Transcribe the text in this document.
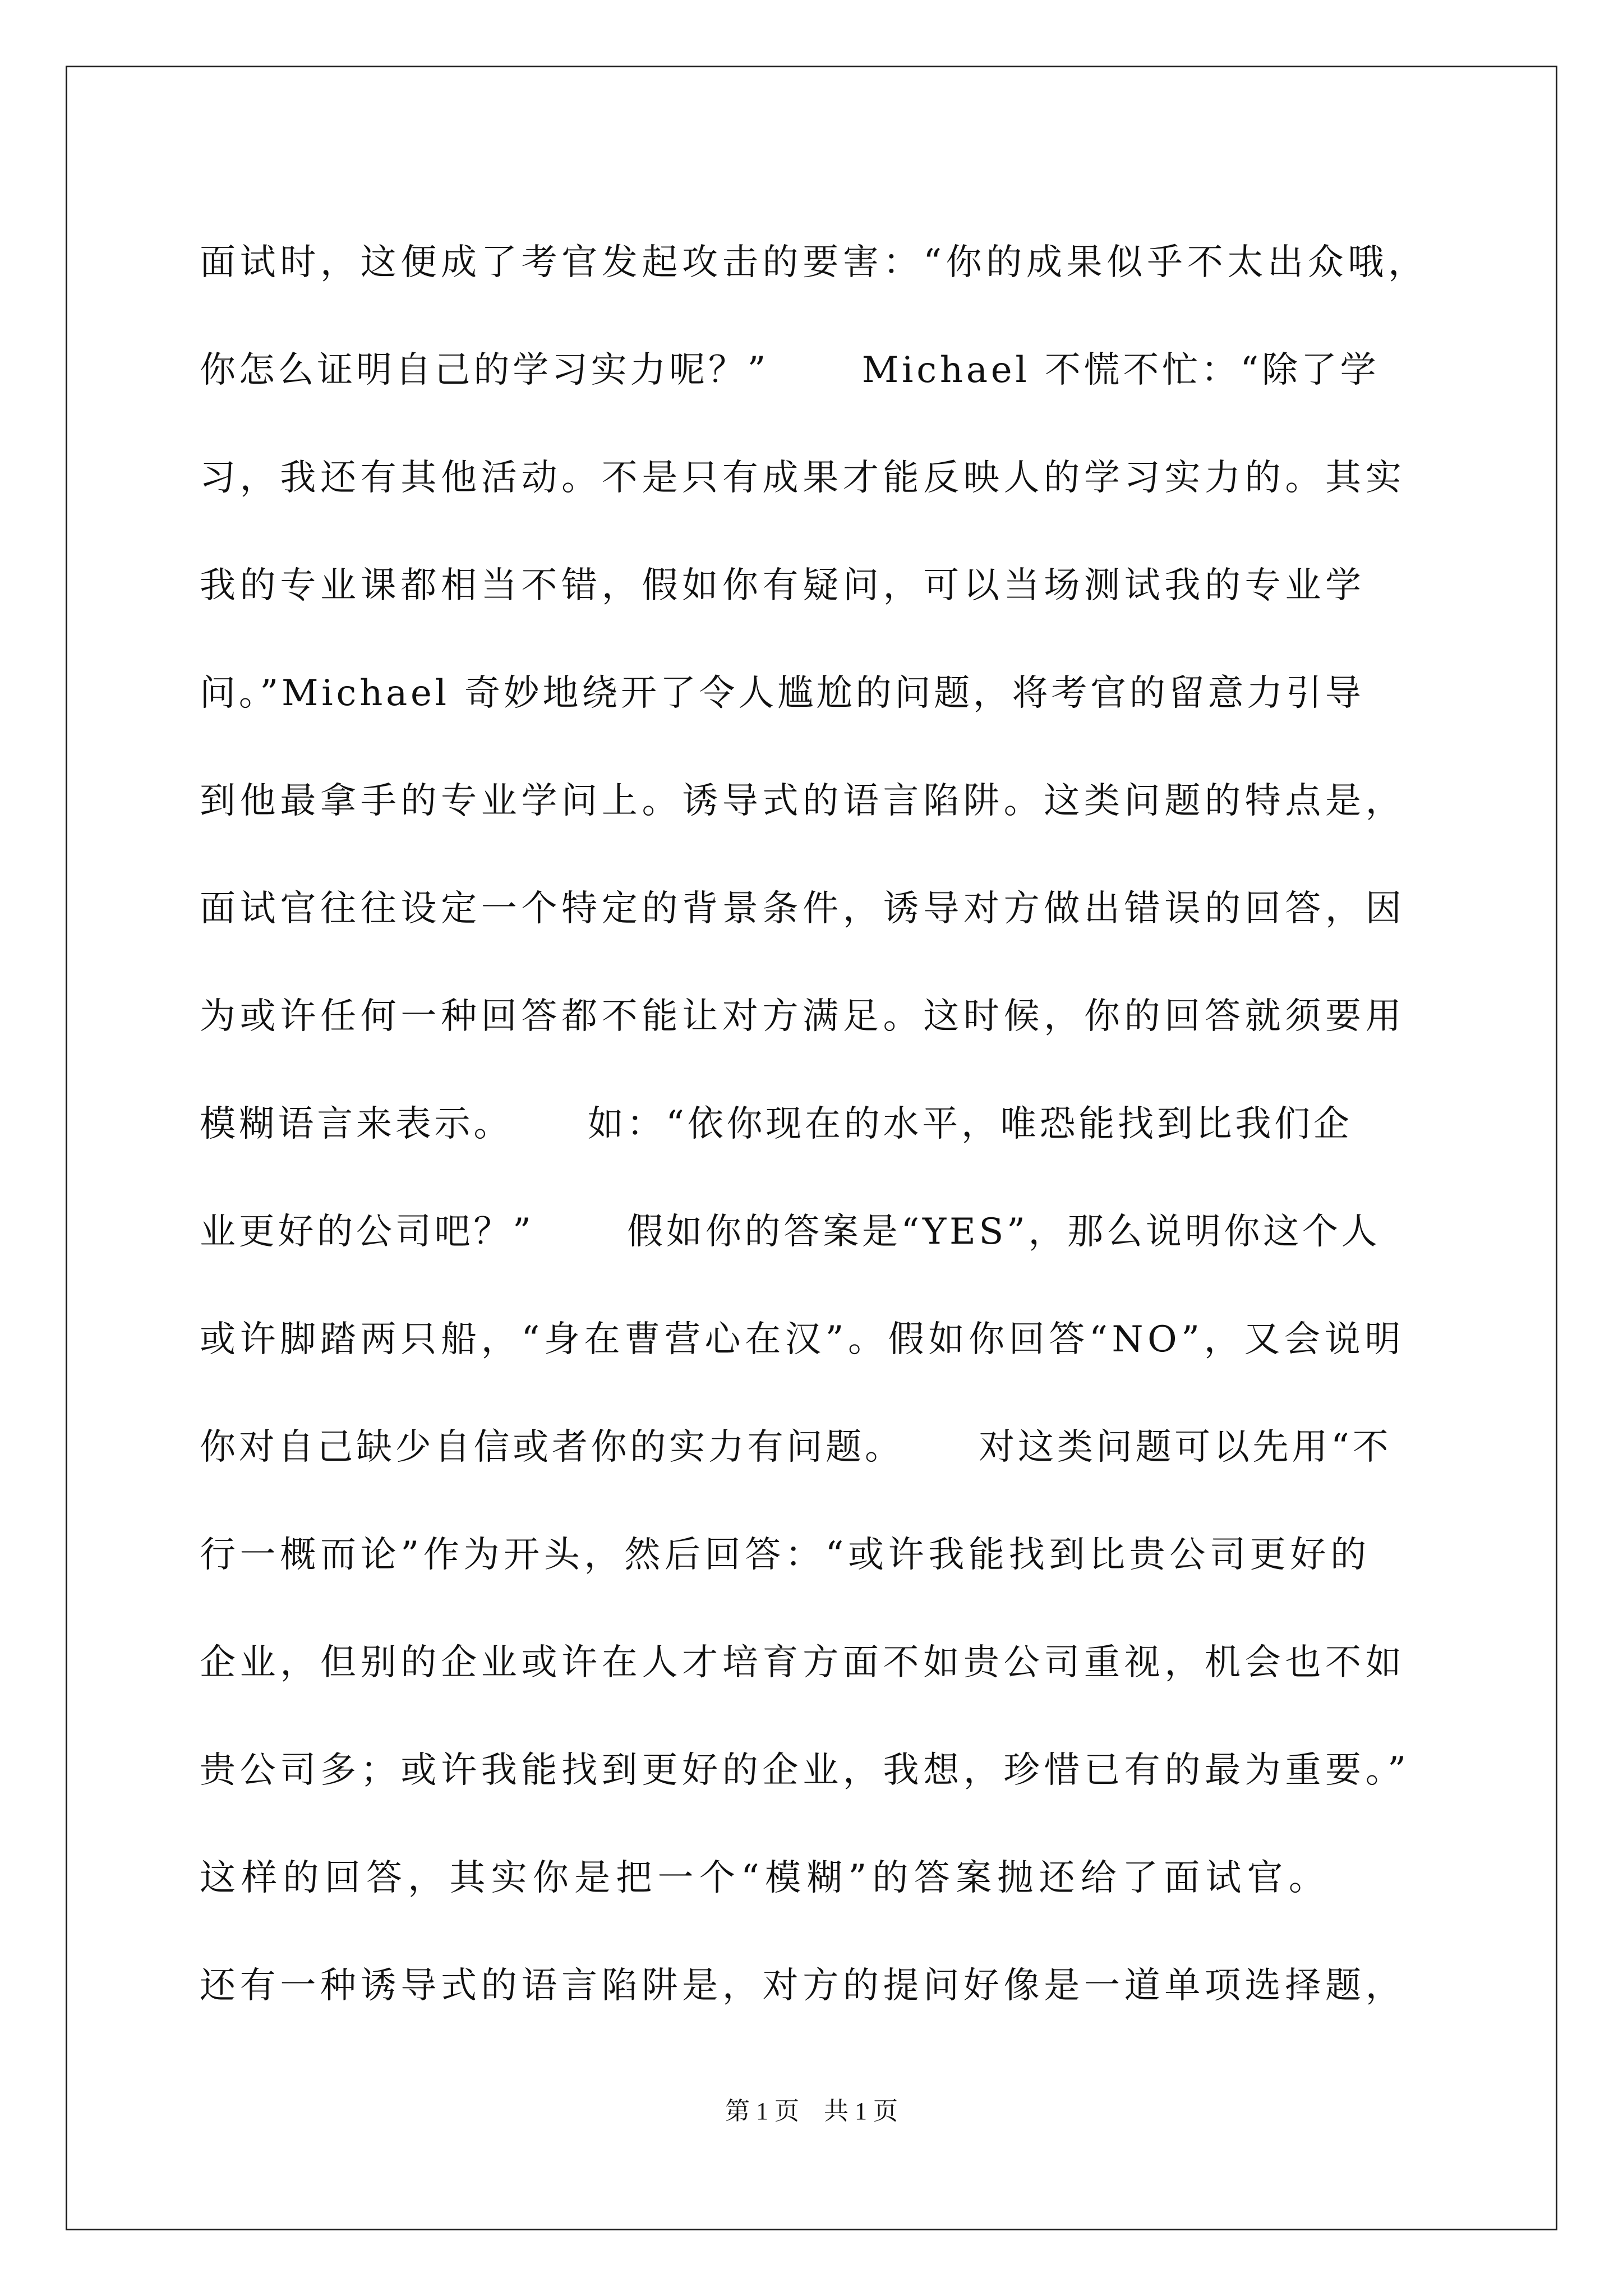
面试时，这便成了考官发起攻击的要害：“你的成果似乎不太出众哦，
你怎么证明自己的学习实力呢？”　　 Michael 不慌不忙：“除了学
习，我还有其他活动。不是只有成果才能反映人的学习实力的。其实
我的专业课都相当不错，假如你有疑问，可以当场测试我的专业学
问。”Michael 奇妙地绕开了令人尴尬的问题，将考官的留意力引导
到他最拿手的专业学问上。诱导式的语言陷阱。这类问题的特点是，
面试官往往设定一个特定的背景条件，诱导对方做出错误的回答，因
为或许任何一种回答都不能让对方满足。这时候，你的回答就须要用
模糊语言来表示。　　 如：“依你现在的水平，唯恐能找到比我们企
业更好的公司吧？”　　 假如你的答案是“YES”，那么说明你这个人
或许脚踏两只船，“身在曹营心在汉”。假如你回答“NO”，又会说明
你对自己缺少自信或者你的实力有问题。　　 对这类问题可以先用“不
行一概而论”作为开头，然后回答：“或许我能找到比贵公司更好的
企业，但别的企业或许在人才培育方面不如贵公司重视，机会也不如
贵公司多；或许我能找到更好的企业，我想，珍惜已有的最为重要。”
这样的回答，其实你是把一个“模糊”的答案抛还给了面试官。
还有一种诱导式的语言陷阱是，对方的提问好像是一道单项选择题，
第 1 页　共 1 页
